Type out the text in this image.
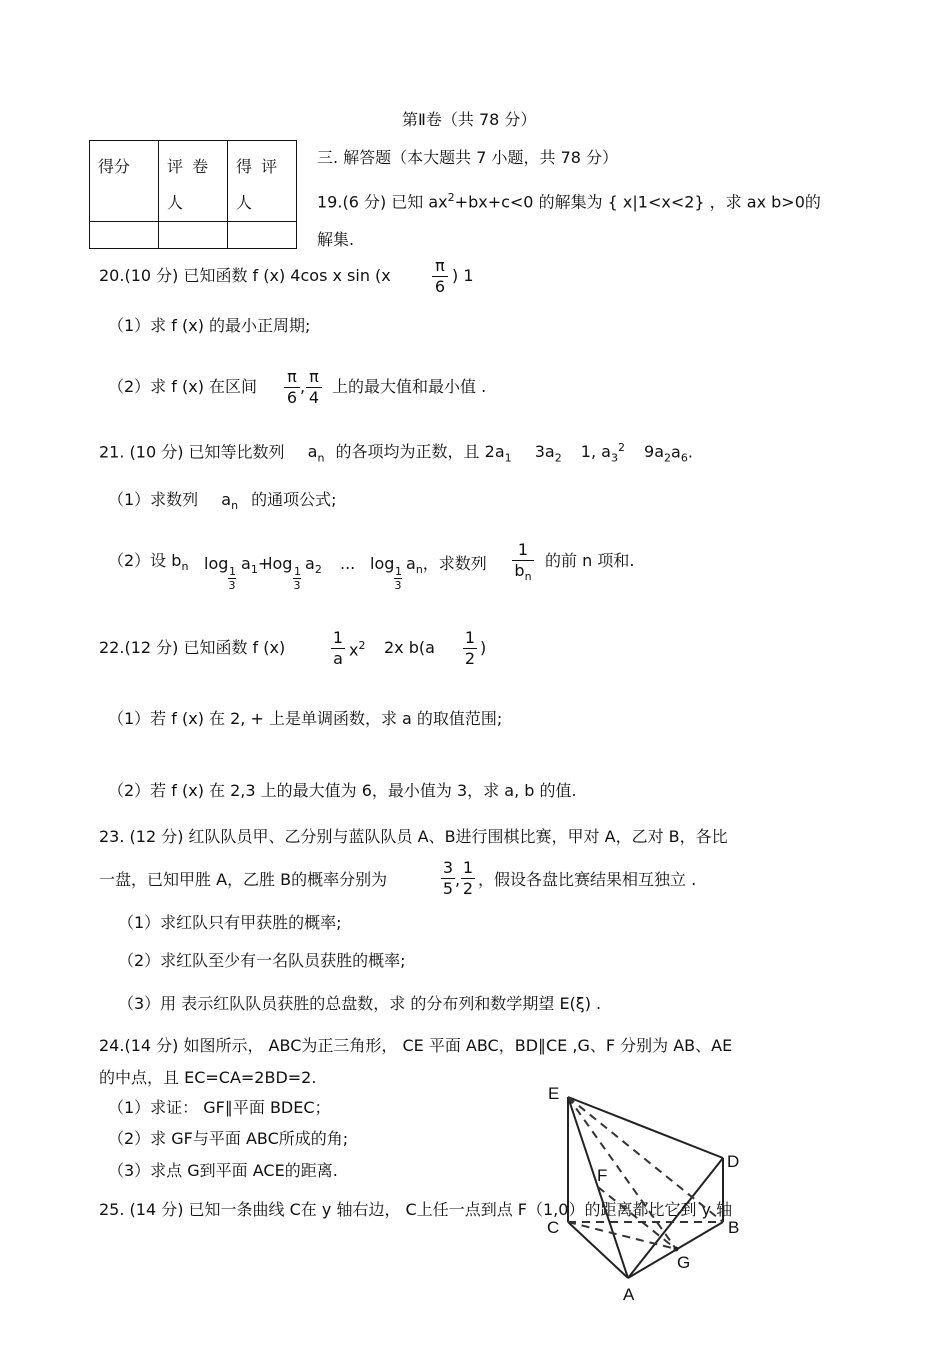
第Ⅱ卷（共 78 分）
得分	评 卷 人	得 评 人

三. 解答题（本大题共 7 小题，共 78 分）
19.(6 分) 已知 $ax^2+bx+c<0$ 的解集为 { x|1<x<2} ，求 ax b>0的
解集.
20.(10 分) 已知函数 f (x) 4cos x sin (x
π
6
) 1
（1）求 f (x) 的最小正周期;
（2）求 f (x) 在区间
π
6
,
π
4
上的最大值和最小值 .
21. (10 分) 已知等比数列 $a_n$ 的各项均为正数，且 $2a_1$ $3a_2$ 1, $a_3^2$ $9a_2a_6$.
（1）求数列 $a_n$ 的通项公式;
（2）设 $b_n$ log 1
3
$a_1+$
log 1
3
$a_2$ ... log 1
3
$a_n$，求数列
1
$b_n$
的前 n 项和.
22.(12 分) 已知函数 f (x)
1
a $x^2$ 2x b(a
1
2
)
（1）若 f (x) 在 2, + 上是单调函数，求 a 的取值范围;
（2）若 f (x) 在 2,3 上的最大值为 6，最小值为 3，求 a, b 的值.
23. (12 分) 红队队员甲、乙分别与蓝队队员 A、B进行围棋比赛，甲对 A，乙对 B，各比
一盘，已知甲胜 A，乙胜 B的概率分别为
3
5 ,
1
2 ，假设各盘比赛结果相互独立 .
（1）求红队只有甲获胜的概率;
（2）求红队至少有一名队员获胜的概率;
（3）用 表示红队队员获胜的总盘数，求 的分布列和数学期望 E(ξ) .
24.(14 分) 如图所示， ABC为正三角形， CE 平面 ABC，BD∥CE ,G、F 分别为 AB、AE
的中点，且 EC=CA=2BD=2.
（1）求证： GF∥平面 BDEC；
（2）求 GF与平面 ABC所成的角;
（3）求点 G到平面 ACE的距离.
25. (14 分) 已知一条曲线 C在 y 轴右边， C上任一点到点 F（1,0）的距离都比它到 y 轴
E
D
F
C	B
G
A
